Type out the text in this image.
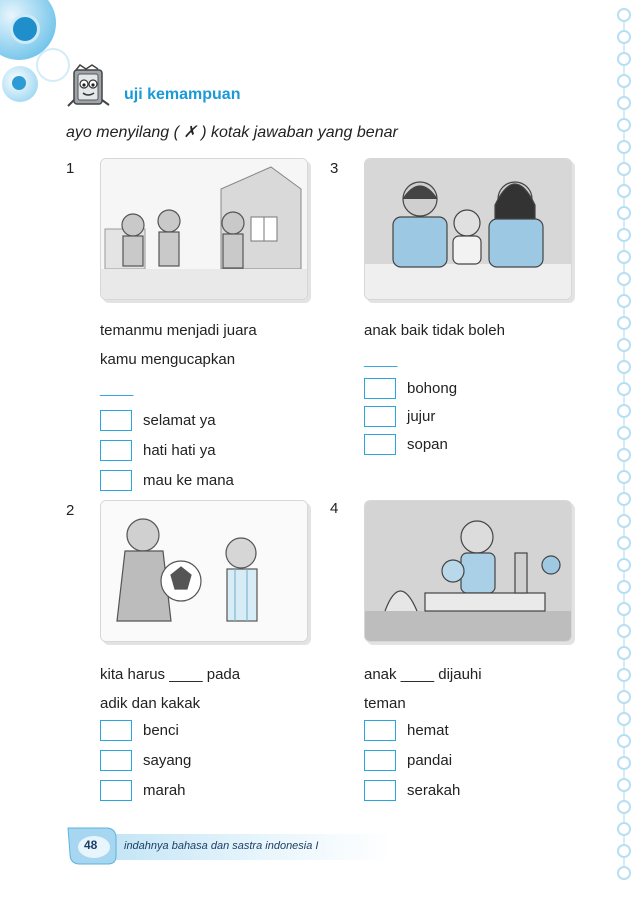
uji kemampuan
ayo menyilang ( ✗ ) kotak jawaban yang benar
1
temanmu menjadi juara
kamu mengucapkan
____
selamat ya
hati hati ya
mau ke mana
2
kita harus ____ pada
adik dan kakak
benci
sayang
marah
3
anak baik tidak boleh
____
bohong
jujur
sopan
4
anak ____ dijauhi
teman
hemat
pandai
serakah
48 indahnya bahasa dan sastra indonesia I
